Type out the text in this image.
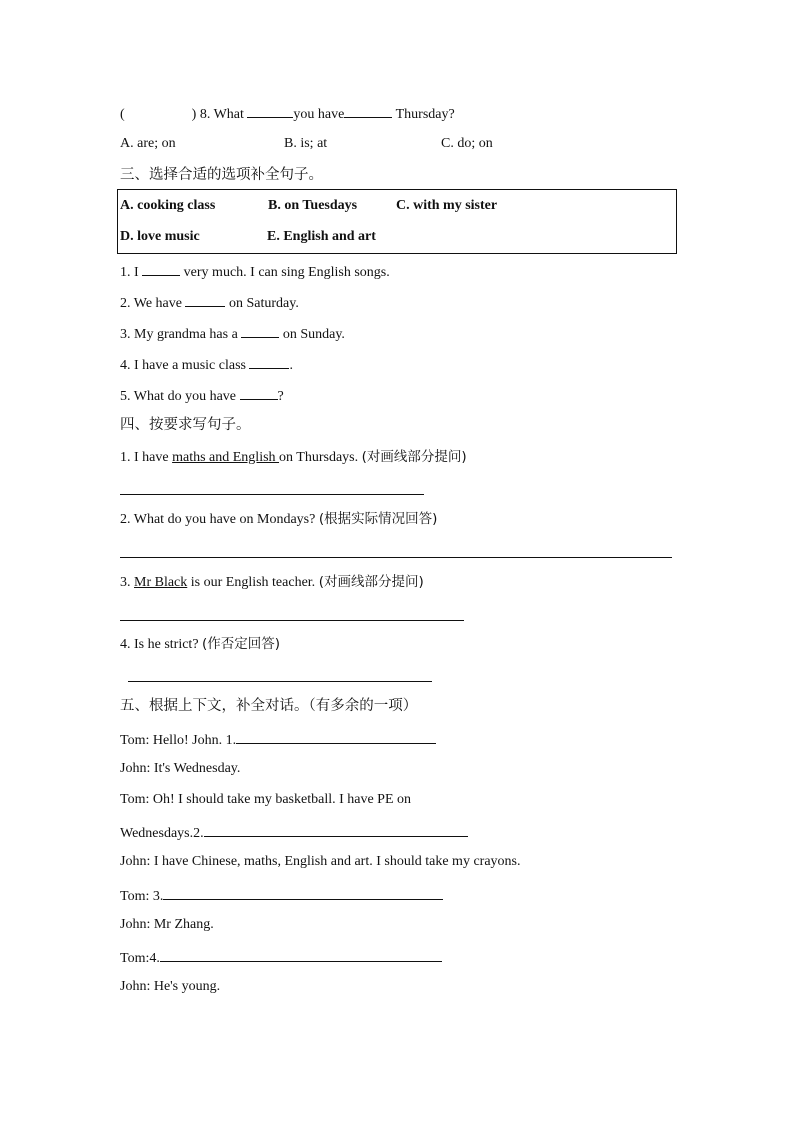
(	) 8. What	you have	Thursday?
A. are; on	B. is; at	C. do; on
三、选择合适的选项补全句子。
A. cooking class	B. on Tuesdays	C. with my sister
D. love music	E. English and art
1. I	very much. I can sing English songs.
2. We have	on Saturday.
3. My grandma has a	on Sunday.
4. I have a music class	.
5. What do you have	?
四、按要求写句子。
1. I have maths and English on Thursdays. (对画线部分提问)
2. What do you have on Mondays? (根据实际情况回答)
3. Mr Black is our English teacher. (对画线部分提问)
4. Is he strict? (作否定回答)
五、根据上下文，补全对话。（有多余的一项）
Tom: Hello! John. 1.
John: It's Wednesday.
Tom: Oh! I should take my basketball. I have PE on
Wednesdays.2.
John: I have Chinese, maths, English and art. I should take my crayons.
Tom: 3.
John: Mr Zhang.
Tom:4.
John: He's young.
